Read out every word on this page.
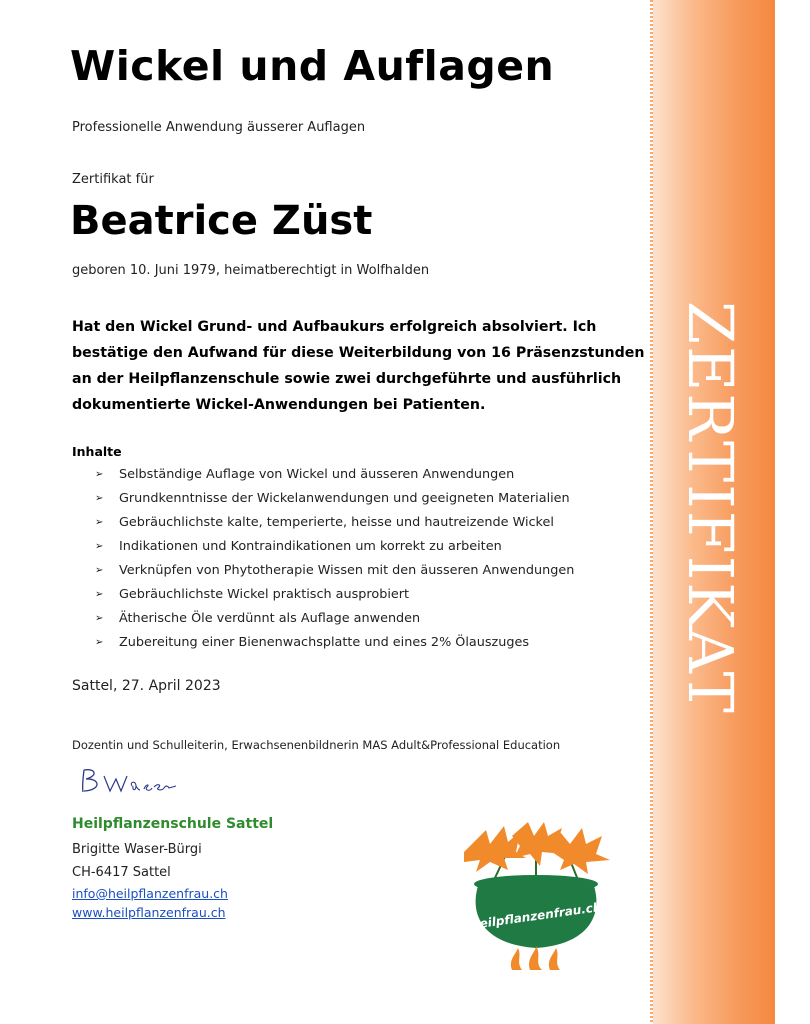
Wickel und Auflagen
Professionelle Anwendung äusserer Auflagen
Zertifikat für
Beatrice Züst
geboren 10. Juni 1979, heimatberechtigt in Wolfhalden
Hat den Wickel Grund- und Aufbaukurs erfolgreich absolviert. Ich
bestätige den Aufwand für diese Weiterbildung von 16 Präsenzstunden
an der Heilpflanzenschule sowie zwei durchgeführte und ausführlich
dokumentierte Wickel-Anwendungen bei Patienten.
Inhalte
➢	Selbständige Auflage von Wickel und äusseren Anwendungen
➢	Grundkenntnisse der Wickelanwendungen und geeigneten Materialien
➢	Gebräuchlichste kalte, temperierte, heisse und hautreizende Wickel
➢	Indikationen und Kontraindikationen um korrekt zu arbeiten
➢	Verknüpfen von Phytotherapie Wissen mit den äusseren Anwendungen
➢	Gebräuchlichste Wickel praktisch ausprobiert
➢	Ätherische Öle verdünnt als Auflage anwenden
➢	Zubereitung einer Bienenwachsplatte und eines 2% Ölauszuges
Sattel, 27. April 2023
Dozentin und Schulleiterin, Erwachsenenbildnerin MAS Adult&Professional Education
Heilpflanzenschule Sattel
Brigitte Waser-Bürgi
CH-6417 Sattel
info@heilpflanzenfrau.ch
www.heilpflanzenfrau.ch	Heilpflanzenfrau.ch
ZERTIFIKAT
